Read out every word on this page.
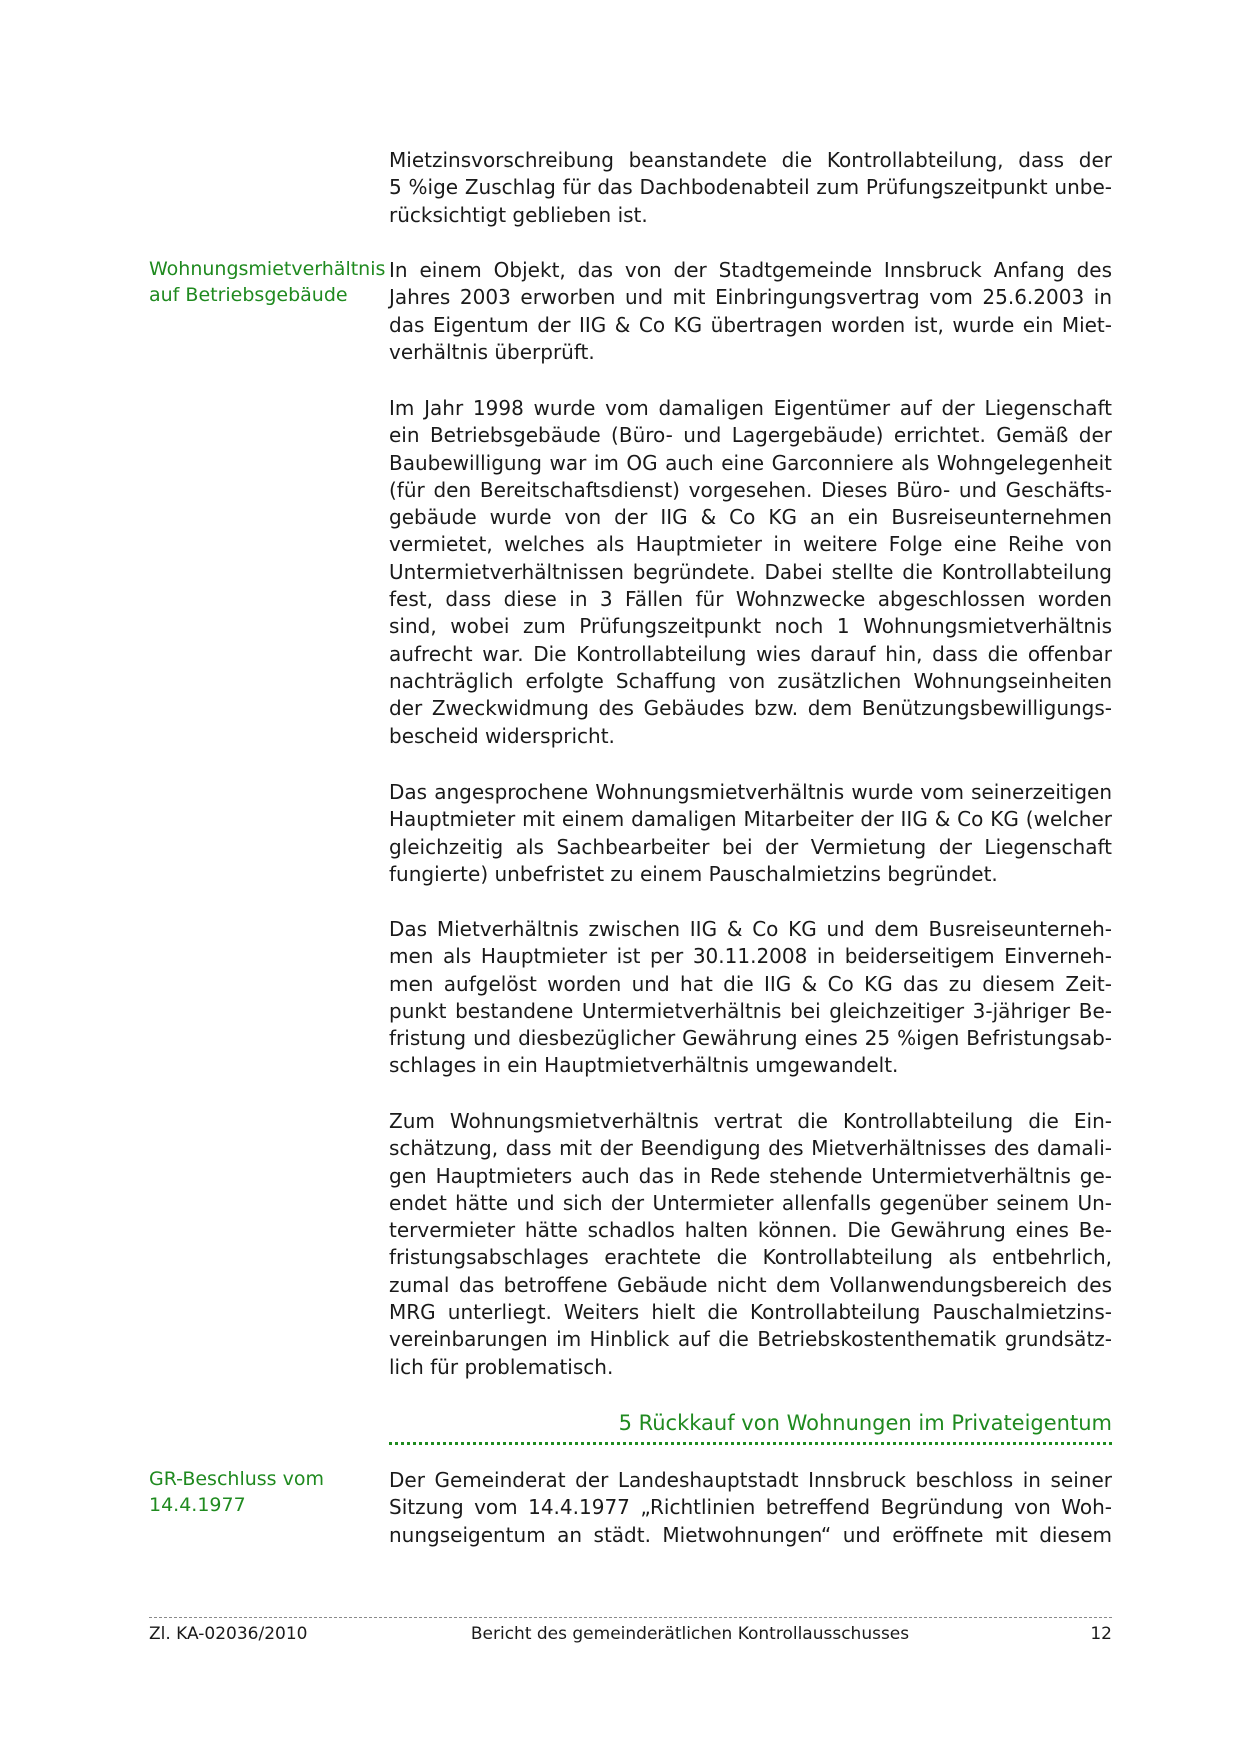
Wohnungsmietverhältnis
auf Betriebsgebäude
GR-Beschluss vom
14.4.1977
Mietzinsvorschreibung beanstandete die Kontrollabteilung, dass der
5 %ige Zuschlag für das Dachbodenabteil zum Prüfungszeitpunkt unbe-
rücksichtigt geblieben ist.
In einem Objekt, das von der Stadtgemeinde Innsbruck Anfang des
Jahres 2003 erworben und mit Einbringungsvertrag vom 25.6.2003 in
das Eigentum der IIG & Co KG übertragen worden ist, wurde ein Miet-
verhältnis überprüft.
Im Jahr 1998 wurde vom damaligen Eigentümer auf der Liegenschaft
ein Betriebsgebäude (Büro- und Lagergebäude) errichtet. Gemäß der
Baubewilligung war im OG auch eine Garconniere als Wohngelegenheit
(für den Bereitschaftsdienst) vorgesehen. Dieses Büro- und Geschäfts-
gebäude wurde von der IIG & Co KG an ein Busreiseunternehmen
vermietet, welches als Hauptmieter in weitere Folge eine Reihe von
Untermietverhältnissen begründete. Dabei stellte die Kontrollabteilung
fest, dass diese in 3 Fällen für Wohnzwecke abgeschlossen worden
sind, wobei zum Prüfungszeitpunkt noch 1 Wohnungsmietverhältnis
aufrecht war. Die Kontrollabteilung wies darauf hin, dass die offenbar
nachträglich erfolgte Schaffung von zusätzlichen Wohnungseinheiten
der Zweckwidmung des Gebäudes bzw. dem Benützungsbewilligungs-
bescheid widerspricht.
Das angesprochene Wohnungsmietverhältnis wurde vom seinerzeitigen
Hauptmieter mit einem damaligen Mitarbeiter der IIG & Co KG (welcher
gleichzeitig als Sachbearbeiter bei der Vermietung der Liegenschaft
fungierte) unbefristet zu einem Pauschalmietzins begründet.
Das Mietverhältnis zwischen IIG & Co KG und dem Busreiseunterneh-
men als Hauptmieter ist per 30.11.2008 in beiderseitigem Einverneh-
men aufgelöst worden und hat die IIG & Co KG das zu diesem Zeit-
punkt bestandene Untermietverhältnis bei gleichzeitiger 3-jähriger Be-
fristung und diesbezüglicher Gewährung eines 25 %igen Befristungsab-
schlages in ein Hauptmietverhältnis umgewandelt.
Zum Wohnungsmietverhältnis vertrat die Kontrollabteilung die Ein-
schätzung, dass mit der Beendigung des Mietverhältnisses des damali-
gen Hauptmieters auch das in Rede stehende Untermietverhältnis ge-
endet hätte und sich der Untermieter allenfalls gegenüber seinem Un-
tervermieter hätte schadlos halten können. Die Gewährung eines Be-
fristungsabschlages erachtete die Kontrollabteilung als entbehrlich,
zumal das betroffene Gebäude nicht dem Vollanwendungsbereich des
MRG unterliegt. Weiters hielt die Kontrollabteilung Pauschalmietzins-
vereinbarungen im Hinblick auf die Betriebskostenthematik grundsätz-
lich für problematisch.
5 Rückkauf von Wohnungen im Privateigentum
Der Gemeinderat der Landeshauptstadt Innsbruck beschloss in seiner
Sitzung vom 14.4.1977 „Richtlinien betreffend Begründung von Woh-
nungseigentum an städt. Mietwohnungen“ und eröffnete mit diesem
Zl. KA-02036/2010	Bericht des gemeinderätlichen Kontrollausschusses	12
